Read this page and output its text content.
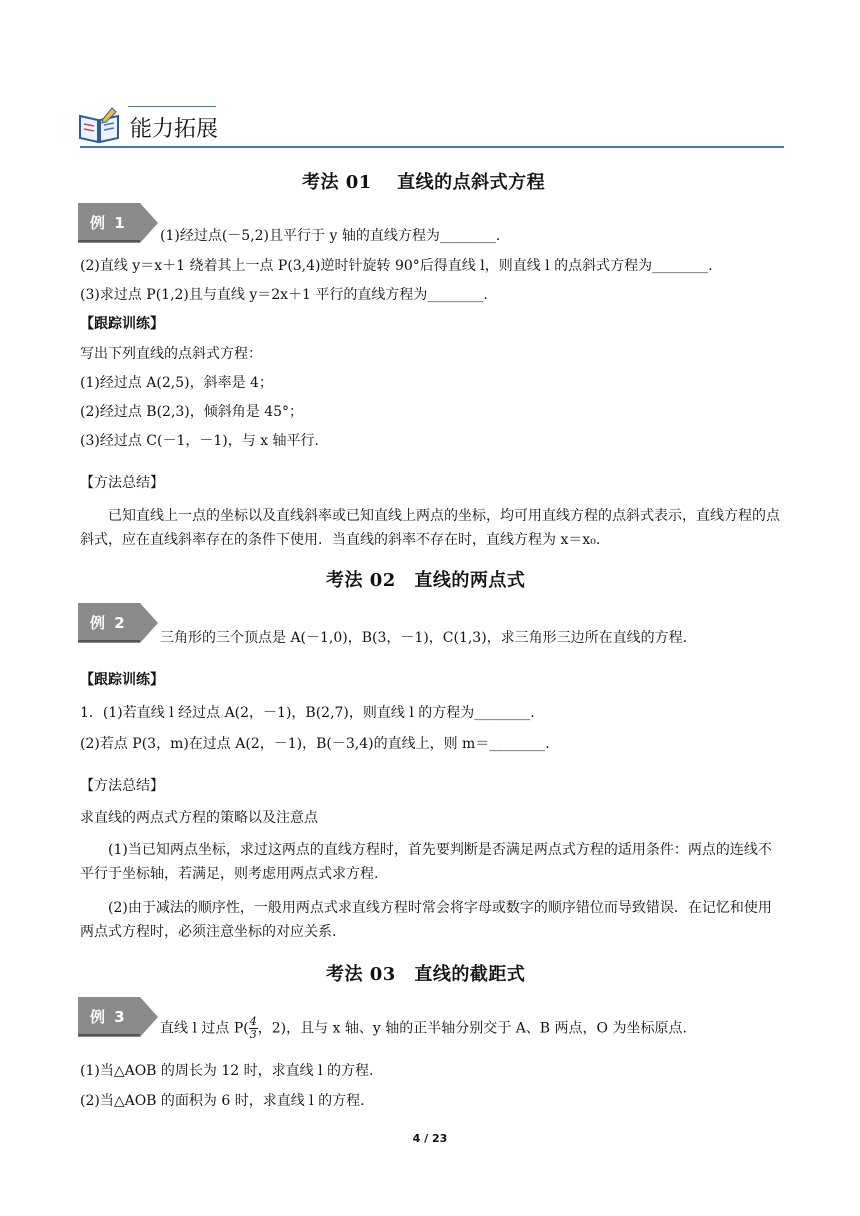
能力拓展
考法 01　 直线的点斜式方程
例 1
(1)经过点(－5,2)且平行于 y 轴的直线方程为________.
(2)直线 y＝x＋1 绕着其上一点 P(3,4)逆时针旋转 90°后得直线 l，则直线 l 的点斜式方程为________.
(3)求过点 P(1,2)且与直线 y＝2x＋1 平行的直线方程为________.
【跟踪训练】
写出下列直线的点斜式方程：
(1)经过点 A(2,5)，斜率是 4；
(2)经过点 B(2,3)，倾斜角是 45°；
(3)经过点 C(－1，－1)，与 x 轴平行.
【方法总结】
已知直线上一点的坐标以及直线斜率或已知直线上两点的坐标，均可用直线方程的点斜式表示，直线方程的点斜式，应在直线斜率存在的条件下使用．当直线的斜率不存在时，直线方程为 x＝x₀.
考法 02　直线的两点式
例 2
三角形的三个顶点是 A(－1,0)，B(3，－1)，C(1,3)，求三角形三边所在直线的方程.
【跟踪训练】
1．(1)若直线 l 经过点 A(2，－1)，B(2,7)，则直线 l 的方程为________.
(2)若点 P(3，m)在过点 A(2，－1)，B(－3,4)的直线上，则 m＝________.
【方法总结】
求直线的两点式方程的策略以及注意点
(1)当已知两点坐标，求过这两点的直线方程时，首先要判断是否满足两点式方程的适用条件：两点的连线不平行于坐标轴，若满足，则考虑用两点式求方程.
(2)由于减法的顺序性，一般用两点式求直线方程时常会将字母或数字的顺序错位而导致错误．在记忆和使用两点式方程时，必须注意坐标的对应关系.
考法 03　直线的截距式
例 3
直线 l 过点 $P( \frac{4}{3}$ ，2)，且与 x 轴、y 轴的正半轴分别交于 A、B 两点，O 为坐标原点.
(1)当△AOB 的周长为 12 时，求直线 l 的方程.
(2)当△AOB 的面积为 6 时，求直线 l 的方程.
4 / 23
